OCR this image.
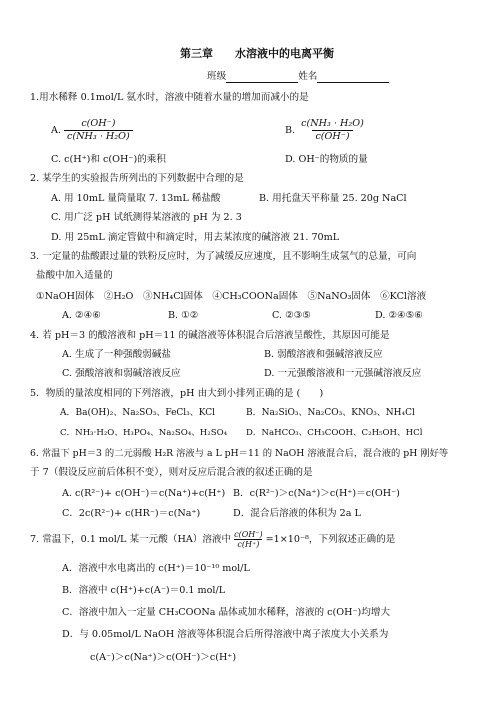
第三章　　水溶液中的电离平衡
班级	姓名
1.用水稀释 0.1mol/L 氨水时，溶液中随着水量的增加而减小的是
A. $\frac{c(OH^-)}{\text{c(NH₃ · H₂O)}}$	B. $\frac{\text{c(NH₃ · H₂O)}}{c(OH^-)}$
C. c(H⁺)和 c(OH⁻)的乘积	D. OH⁻的物质的量
2. 某学生的实验报告所列出的下列数据中合理的是
A. 用 10mL 量筒量取 7. 13mL 稀盐酸	B. 用托盘天平称量 25. 20g NaCl
C. 用广泛 pH 试纸测得某溶液的 pH 为 2. 3
D. 用 25mL 滴定管做中和滴定时，用去某浓度的碱溶液 21. 70mL
3. 一定量的盐酸跟过量的铁粉反应时，为了减缓反应速度，且不影响生成氢气的总量，可向
盐酸中加入适量的
①NaOH固体　②H₂O　③NH₄Cl固体　④CH₃COONa固体　⑤NaNO₃固体　⑥KCl溶液
A. ②④⑥	B. ①②	C. ②③⑤	D. ②④⑤⑥
4. 若 pH＝3 的酸溶液和 pH＝11 的碱溶液等体积混合后溶液呈酸性，其原因可能是
A. 生成了一种强酸弱碱盐	B. 弱酸溶液和强碱溶液反应
C. 强酸溶液和弱碱溶液反应	D. 一元强酸溶液和一元强碱溶液反应
5．物质的量浓度相同的下列溶液，pH 由大到小排列正确的是 (　　)
A．Ba(OH)₂、Na₂SO₃、FeCl₃、KCl	B．Na₂SiO₃、Na₂CO₃、KNO₃、NH₄Cl
C．NH₃·H₂O、H₃PO₄、Na₂SO₄、H₂SO₄ D．NaHCO₃、CH₃COOH、C₂H₅OH、HCl
6. 常温下 pH＝3 的二元弱酸 H₂R 溶液与 a L pH＝11 的 NaOH 溶液混合后，混合液的 pH 刚好等
于 7（假设反应前后体积不变），则对反应后混合液的叙述正确的是
A. c(R²⁻)+ c(OH⁻)＝c(Na⁺)+c(H⁺) B．c(R²⁻)＞c(Na⁺)＞c(H⁺)＝c(OH⁻)
C．2c(R²⁻)+ c(HR⁻)＝c(Na⁺)	D．混合后溶液的体积为 2a L
7. 常温下，0.1 mol/L 某一元酸（HA）溶液中 $\frac{c(OH^-)}{c(H^+)} =1\times 10^{-8}$，下列叙述正确的是
A．溶液中水电离出的 c(H⁺)＝10⁻¹⁰ mol/L
B．溶液中 c(H⁺)+c(A⁻)＝0.1 mol/L
C．溶液中加入一定量 CH₃COONa 晶体或加水稀释，溶液的 c(OH⁻)均增大
D．与 0.05mol/L NaOH 溶液等体积混合后所得溶液中离子浓度大小关系为
c(A⁻)＞c(Na⁺)＞c(OH⁻)＞c(H⁺)
